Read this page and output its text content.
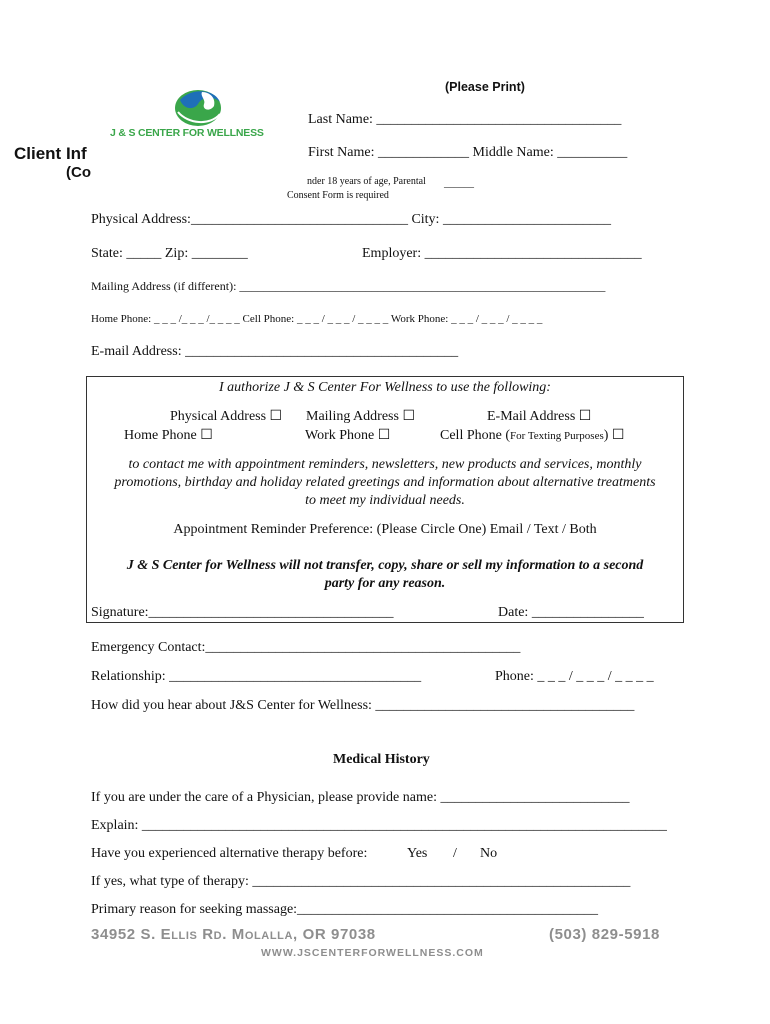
(Please Print)
J & S CENTER FOR WELLNESS
Last Name: ___________________________________
Client Inf	First Name: _____________ Middle Name: __________
(Co
nder 18 years of age, Parental ______
Consent Form is required
Physical Address:_______________________________ City: ________________________
State: _____ Zip: ________	Employer: _______________________________
Mailing Address (if different): _____________________________________________________________
Home Phone: _ _ _ /_ _ _ /_ _ _ _ Cell Phone: _ _ _ / _ _ _ / _ _ _ _ Work Phone: _ _ _ / _ _ _ / _ _ _ _
E-mail Address: _______________________________________
I authorize J & S Center For Wellness to use the following:
Physical Address ☐ Mailing Address ☐	E-Mail Address ☐
Home Phone ☐	Work Phone ☐	Cell Phone (For Texting Purposes) ☐
to contact me with appointment reminders, newsletters, new products and services, monthly
promotions, birthday and holiday related greetings and information about alternative treatments
to meet my individual needs.
Appointment Reminder Preference: (Please Circle One) Email / Text / Both
J & S Center for Wellness will not transfer, copy, share or sell my information to a second
party for any reason.
Signature:___________________________________	Date: ________________
Emergency Contact:_____________________________________________
Relationship: ____________________________________	Phone: _ _ _ / _ _ _ / _ _ _ _
How did you hear about J&S Center for Wellness: _____________________________________
Medical History
If you are under the care of a Physician, please provide name: ___________________________
Explain: ___________________________________________________________________________
Have you experienced alternative therapy before:	Yes / No
If yes, what type of therapy: ______________________________________________________
Primary reason for seeking massage:___________________________________________
34952 S. Ellis Rd. Molalla, OR 97038	(503) 829-5918
WWW.JSCENTERFORWELLNESS.COM
